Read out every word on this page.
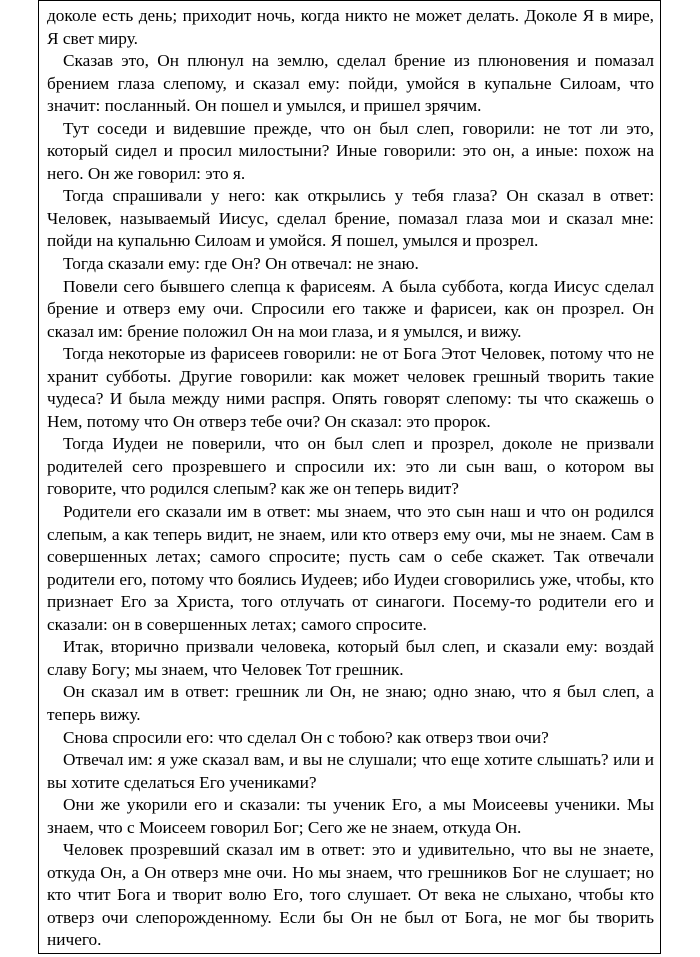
доколе есть день; приходит ночь, когда никто не может делать. Доколе Я в мире, Я свет миру.

Сказав это, Он плюнул на землю, сделал брение из плюновения и помазал брением глаза слепому, и сказал ему: пойди, умойся в купальне Силоам, что значит: посланный. Он пошел и умылся, и пришел зрячим.

Тут соседи и видевшие прежде, что он был слеп, говорили: не тот ли это, который сидел и просил милостыни? Иные говорили: это он, а иные: похож на него. Он же говорил: это я.

Тогда спрашивали у него: как открылись у тебя глаза? Он сказал в ответ: Человек, называемый Иисус, сделал брение, помазал глаза мои и сказал мне: пойди на купальню Силоам и умойся. Я пошел, умылся и прозрел.

Тогда сказали ему: где Он? Он отвечал: не знаю.

Повели сего бывшего слепца к фарисеям. А была суббота, когда Иисус сделал брение и отверз ему очи. Спросили его также и фарисеи, как он прозрел. Он сказал им: брение положил Он на мои глаза, и я умылся, и вижу.

Тогда некоторые из фарисеев говорили: не от Бога Этот Человек, потому что не хранит субботы. Другие говорили: как может человек грешный творить такие чудеса? И была между ними распря. Опять говорят слепому: ты что скажешь о Нем, потому что Он отверз тебе очи? Он сказал: это пророк.

Тогда Иудеи не поверили, что он был слеп и прозрел, доколе не призвали родителей сего прозревшего и спросили их: это ли сын ваш, о котором вы говорите, что родился слепым? как же он теперь видит?

Родители его сказали им в ответ: мы знаем, что это сын наш и что он родился слепым, а как теперь видит, не знаем, или кто отверз ему очи, мы не знаем. Сам в совершенных летах; самого спросите; пусть сам о себе скажет. Так отвечали родители его, потому что боялись Иудеев; ибо Иудеи сговорились уже, чтобы, кто признает Его за Христа, того отлучать от синагоги. Посему-то родители его и сказали: он в совершенных летах; самого спросите.

Итак, вторично призвали человека, который был слеп, и сказали ему: воздай славу Богу; мы знаем, что Человек Тот грешник.

Он сказал им в ответ: грешник ли Он, не знаю; одно знаю, что я был слеп, а теперь вижу.

Снова спросили его: что сделал Он с тобою? как отверз твои очи?

Отвечал им: я уже сказал вам, и вы не слушали; что еще хотите слышать? или и вы хотите сделаться Его учениками?

Они же укорили его и сказали: ты ученик Его, а мы Моисеевы ученики. Мы знаем, что с Моисеем говорил Бог; Сего же не знаем, откуда Он.

Человек прозревший сказал им в ответ: это и удивительно, что вы не знаете, откуда Он, а Он отверз мне очи. Но мы знаем, что грешников Бог не слушает; но кто чтит Бога и творит волю Его, того слушает. От века не слыхано, чтобы кто отверз очи слепорожденному. Если бы Он не был от Бога, не мог бы творить ничего.
